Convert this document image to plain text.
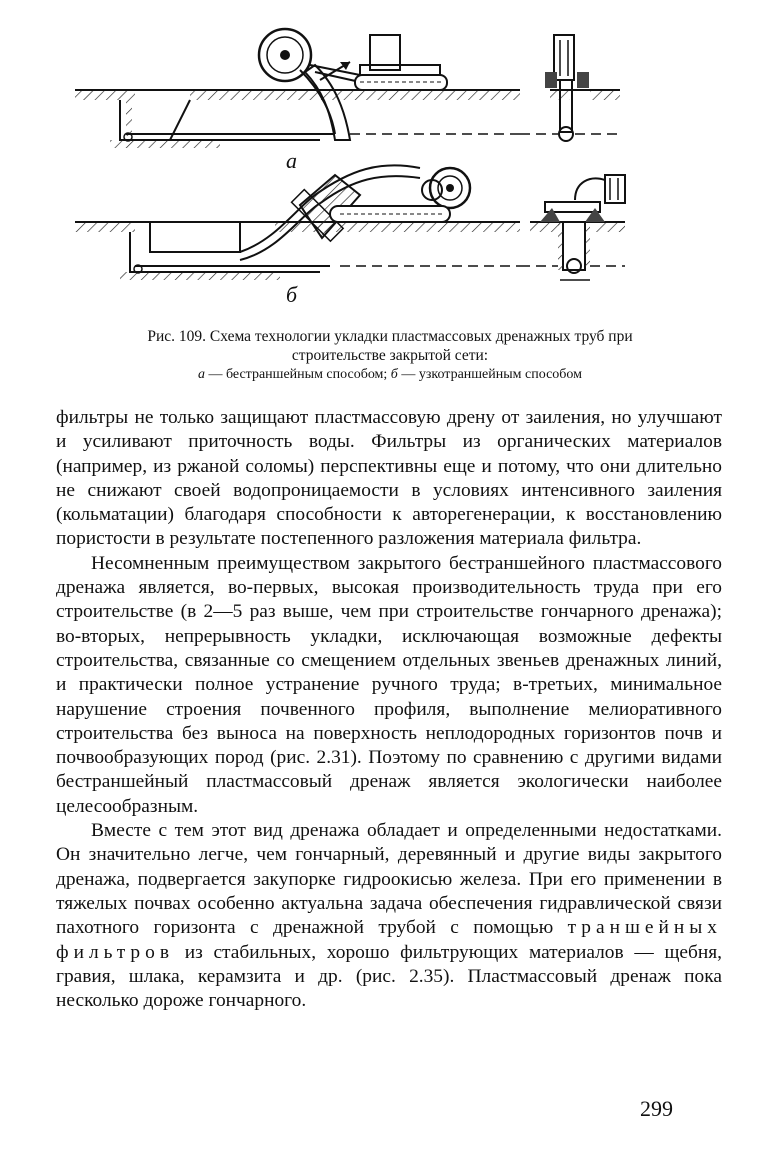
а
б
Рис. 109. Схема технологии укладки пластмассовых дренажных труб при
строительстве закрытой сети:
а — бестраншейным способом; б — узкотраншейным способом

фильтры не только защищают пластмассовую дрену от заиления, но улучшают и усиливают приточность воды. Фильтры из органических материалов (например, из ржаной соломы) перспективны еще и потому, что они длительно не снижают своей водопроницаемости в условиях интенсивного заиления (кольматации) благодаря способности к авторегенерации, к восстановлению пористости в результате постепенного разложения материала фильтра.

Несомненным преимуществом закрытого бестраншейного пластмассового дренажа является, во-первых, высокая производительность труда при его строительстве (в 2—5 раз выше, чем при строительстве гончарного дренажа); во-вторых, непрерывность укладки, исключающая возможные дефекты строительства, связанные со смещением отдельных звеньев дренажных линий, и практически полное устранение ручного труда; в-третьих, минимальное нарушение строения почвенного профиля, выполнение мелиоративного строительства без выноса на поверхность неплодородных горизонтов почв и почвообразующих пород (рис. 2.31). Поэтому по сравнению с другими видами бестраншейный пластмассовый дренаж является экологически наиболее целесообразным.

Вместе с тем этот вид дренажа обладает и определенными недостатками. Он значительно легче, чем гончарный, деревянный и другие виды закрытого дренажа, подвергается закупорке гидроокисью железа. При его применении в тяжелых почвах особенно актуальна задача обеспечения гидравлической связи пахотного горизонта с дренажной трубой с помощью траншейных фильтров из стабильных, хорошо фильтрующих материалов — щебня, гравия, шлака, керамзита и др. (рис. 2.35). Пластмассовый дренаж пока несколько дороже гончарного.

299
